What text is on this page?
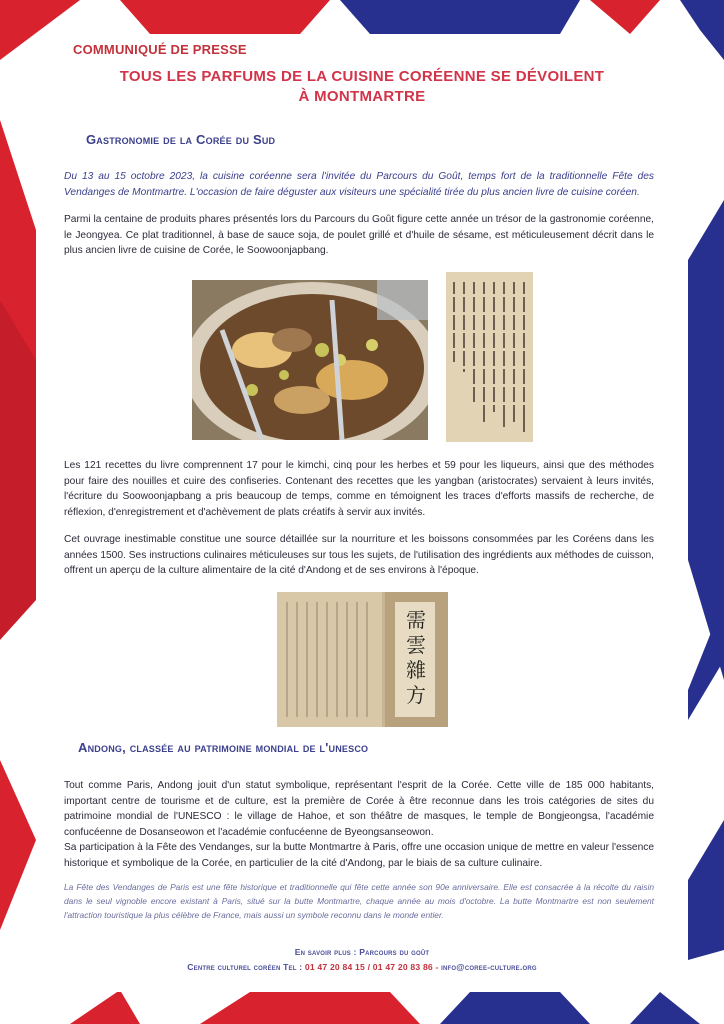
COMMUNIQUÉ DE PRESSE
TOUS LES PARFUMS DE LA CUISINE CORÉENNE SE DÉVOILENT
À MONTMARTRE
Gastronomie de la Corée du Sud
Du 13 au 15 octobre 2023, la cuisine coréenne sera l'invitée du Parcours du Goût, temps fort de la traditionnelle Fête des Vendanges de Montmartre. L'occasion de faire déguster aux visiteurs une spécialité tirée du plus ancien livre de cuisine coréen.
Parmi la centaine de produits phares présentés lors du Parcours du Goût figure cette année un trésor de la gastronomie coréenne, le Jeongyea. Ce plat traditionnel, à base de sauce soja, de poulet grillé et d'huile de sésame, est méticuleusement décrit dans le plus ancien livre de cuisine de Corée, le Soowoonjapbang.
Les 121 recettes du livre comprennent 17 pour le kimchi, cinq pour les herbes et 59 pour les liqueurs, ainsi que des méthodes pour faire des nouilles et cuire des confiseries. Contenant des recettes que les yangban (aristocrates) servaient à leurs invités, l'écriture du Soowoonjapbang a pris beaucoup de temps, comme en témoignent les traces d'efforts massifs de recherche, de réflexion, d'enregistrement et d'achèvement de plats créatifs à servir aux invités.
Cet ouvrage inestimable constitue une source détaillée sur la nourriture et les boissons consommées par les Coréens dans les années 1500. Ses instructions culinaires méticuleuses sur tous les sujets, de l'utilisation des ingrédients aux méthodes de cuisson, offrent un aperçu de la culture alimentaire de la cité d'Andong et de ses environs à l'époque.
需雲雜方
Andong, classée au patrimoine mondial de l'unesco
Tout comme Paris, Andong jouit d'un statut symbolique, représentant l'esprit de la Corée. Cette ville de 185 000 habitants, important centre de tourisme et de culture, est la première de Corée à être reconnue dans les trois catégories de sites du patrimoine mondial de l'UNESCO : le village de Hahoe, et son théâtre de masques, le temple de Bongjeongsa, l'académie confucéenne de Dosanseowon et l'académie confucéenne de Byeongsanseowon.
Sa participation à la Fête des Vendanges, sur la butte Montmartre à Paris, offre une occasion unique de mettre en valeur l'essence historique et symbolique de la Corée, en particulier de la cité d'Andong, par le biais de sa culture culinaire.
La Fête des Vendanges de Paris est une fête historique et traditionnelle qui fête cette année son 90e anniversaire. Elle est consacrée à la récolte du raisin dans le seul vignoble encore existant à Paris, situé sur la butte Montmartre, chaque année au mois d'octobre. La butte Montmartre est non seulement l'attraction touristique la plus célèbre de France, mais aussi un symbole reconnu dans le monde entier.
En savoir plus : Parcours du goût
Centre culturel coréen Tel : 01 47 20 84 15 / 01 47 20 83 86 - info@coree-culture.org
